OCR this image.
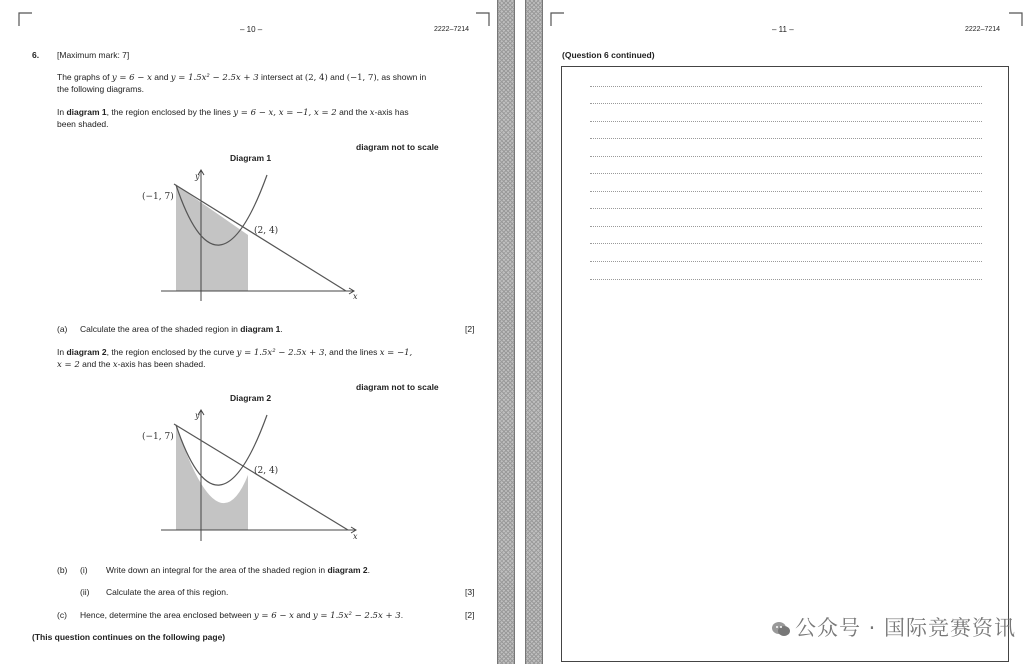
– 10 –	2222–7214
6. [Maximum mark: 7]
The graphs of y = 6 − x and y = 1.5x² − 2.5x + 3 intersect at (2, 4) and (−1, 7), as shown in
the following diagrams.
In diagram 1, the region enclosed by the lines y = 6 − x, x = −1, x = 2 and the x-axis has
been shaded.
diagram not to scale
Diagram 1
(−1, 7)
(2, 4)
y
x
(a) Calculate the area of the shaded region in diagram 1.	[2]
In diagram 2, the region enclosed by the curve y = 1.5x² − 2.5x + 3, and the lines x = −1,
x = 2 and the x-axis has been shaded.
diagram not to scale
Diagram 2
(−1, 7)
(2, 4)
y
x
(b) (i) Write down an integral for the area of the shaded region in diagram 2.
(ii) Calculate the area of this region.	[3]
(c) Hence, determine the area enclosed between y = 6 − x and y = 1.5x² − 2.5x + 3.	[2]
(This question continues on the following page)
– 11 –	2222–7214
(Question 6 continued)
公众号 · 国际竞赛资讯
